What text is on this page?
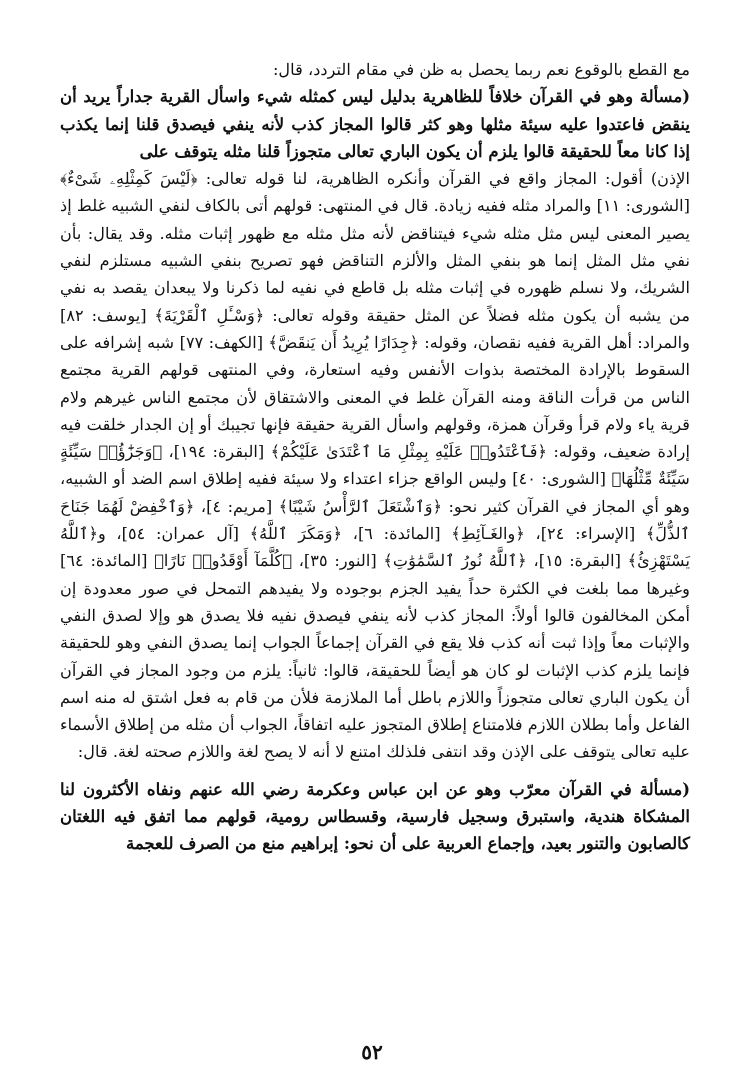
مع القطع بالوقوع نعم ربما يحصل به ظن في مقام التردد، قال:

(مسألة وهو في القرآن خلافاً للظاهرية بدليل ليس كمثله شيء واسأل القرية جداراً يريد أن ينقض فاعتدوا عليه سيئة مثلها وهو كثر قالوا المجاز كذب لأنه ينفي فيصدق قلنا إنما يكذب إذا كانا معاً للحقيقة قالوا يلزم أن يكون الباري تعالى متجوزاً قلنا مثله يتوقف على

الإذن) أقول: المجاز واقع في القرآن وأنكره الظاهرية، لنا قوله تعالى: ﴿لَيْسَ كَمِثْلِهِۦ شَىْءٌ﴾ [الشورى: ١١] والمراد مثله ففيه زيادة. قال في المنتهى: قولهم أتى بالكاف لنفي الشبيه غلط إذ يصير المعنى ليس مثل مثله شيء فيتناقض لأنه مثل مثله مع ظهور إثبات مثله. وقد يقال: بأن نفي مثل المثل إنما هو بنفي المثل والألزم التناقض فهو تصريح بنفي الشبيه مستلزم لنفي الشريك، ولا نسلم ظهوره في إثبات مثله بل قاطع في نفيه لما ذكرنا ولا يبعدان يقصد به نفي من يشبه أن يكون مثله فضلاً عن المثل حقيقة وقوله تعالى: ﴿وَسْـَٔلِ ٱلْقَرْيَةَ﴾ [يوسف: ٨٢] والمراد: أهل القرية ففيه نقصان، وقوله: ﴿جِدَارًا يُرِيدُ أَن يَنقَضَّ﴾ [الكهف: ٧٧] شبه إشرافه على السقوط بالإرادة المختصة بذوات الأنفس وفيه استعارة، وفي المنتهى قولهم القرية مجتمع الناس من قرأت الناقة ومنه القرآن غلط في المعنى والاشتقاق لأن مجتمع الناس غيرهم ولام قرية ياء ولام قرأ وقرآن همزة، وقولهم واسأل القرية حقيقة فإنها تجيبك أو إن الجدار خلقت فيه إرادة ضعيف، وقوله: ﴿فَٱعْتَدُوا۟ عَلَيْهِ بِمِثْلِ مَا ٱعْتَدَىٰ عَلَيْكُمْ﴾ [البقرة: ١٩٤]، ﴿وَجَزَٰٓؤُا۟ سَيِّئَةٍ سَيِّئَةٌ مِّثْلُهَا﴾ [الشورى: ٤٠] وليس الواقع جزاء اعتداء ولا سيئة ففيه إطلاق اسم الضد أو الشبيه، وهو أي المجاز في القرآن كثير نحو: ﴿وَٱشْتَعَلَ ٱلرَّأْسُ شَيْبًا﴾ [مريم: ٤]، ﴿وَٱخْفِضْ لَهُمَا جَنَاحَ ٱلذُّلِّ﴾ [الإسراء: ٢٤]، ﴿والغَـآئِطِ﴾ [المائدة: ٦]، ﴿وَمَكَرَ ٱللَّهُ﴾ [آل عمران: ٥٤]، و﴿ٱللَّهُ يَسْتَهْزِئُ﴾ [البقرة: ١٥]، ﴿ٱللَّهُ نُورُ ٱلسَّمَٰوَٰتِ﴾ [النور: ٣٥]، ﴿كُلَّمَآ أَوْقَدُوا۟ نَارًا﴾ [المائدة: ٦٤] وغيرها مما بلغت في الكثرة حداً يفيد الجزم بوجوده ولا يفيدهم التمحل في صور معدودة إن أمكن المخالفون قالوا أولاً: المجاز كذب لأنه ينفي فيصدق نفيه فلا يصدق هو وإلا لصدق النفي والإثبات معاً وإذا ثبت أنه كذب فلا يقع في القرآن إجماعاً الجواب إنما يصدق النفي وهو للحقيقة فإنما يلزم كذب الإثبات لو كان هو أيضاً للحقيقة، قالوا: ثانياً: يلزم من وجود المجاز في القرآن أن يكون الباري تعالى متجوزاً واللازم باطل أما الملازمة فلأن من قام به فعل اشتق له منه اسم الفاعل وأما بطلان اللازم فلامتناع إطلاق المتجوز عليه اتفاقاً، الجواب أن مثله من إطلاق الأسماء عليه تعالى يتوقف على الإذن وقد انتفى فلذلك امتنع لا أنه لا يصح لغة واللازم صحته لغة. قال:

(مسألة في القرآن معرّب وهو عن ابن عباس وعكرمة رضي الله عنهم ونفاه الأكثرون لنا المشكاة هندية، واستبرق وسجيل فارسية، وقسطاس رومية، قولهم مما اتفق فيه اللغتان كالصابون والتنور بعيد، وإجماع العربية على أن نحو: إبراهيم منع من الصرف للعجمة

٥٢
